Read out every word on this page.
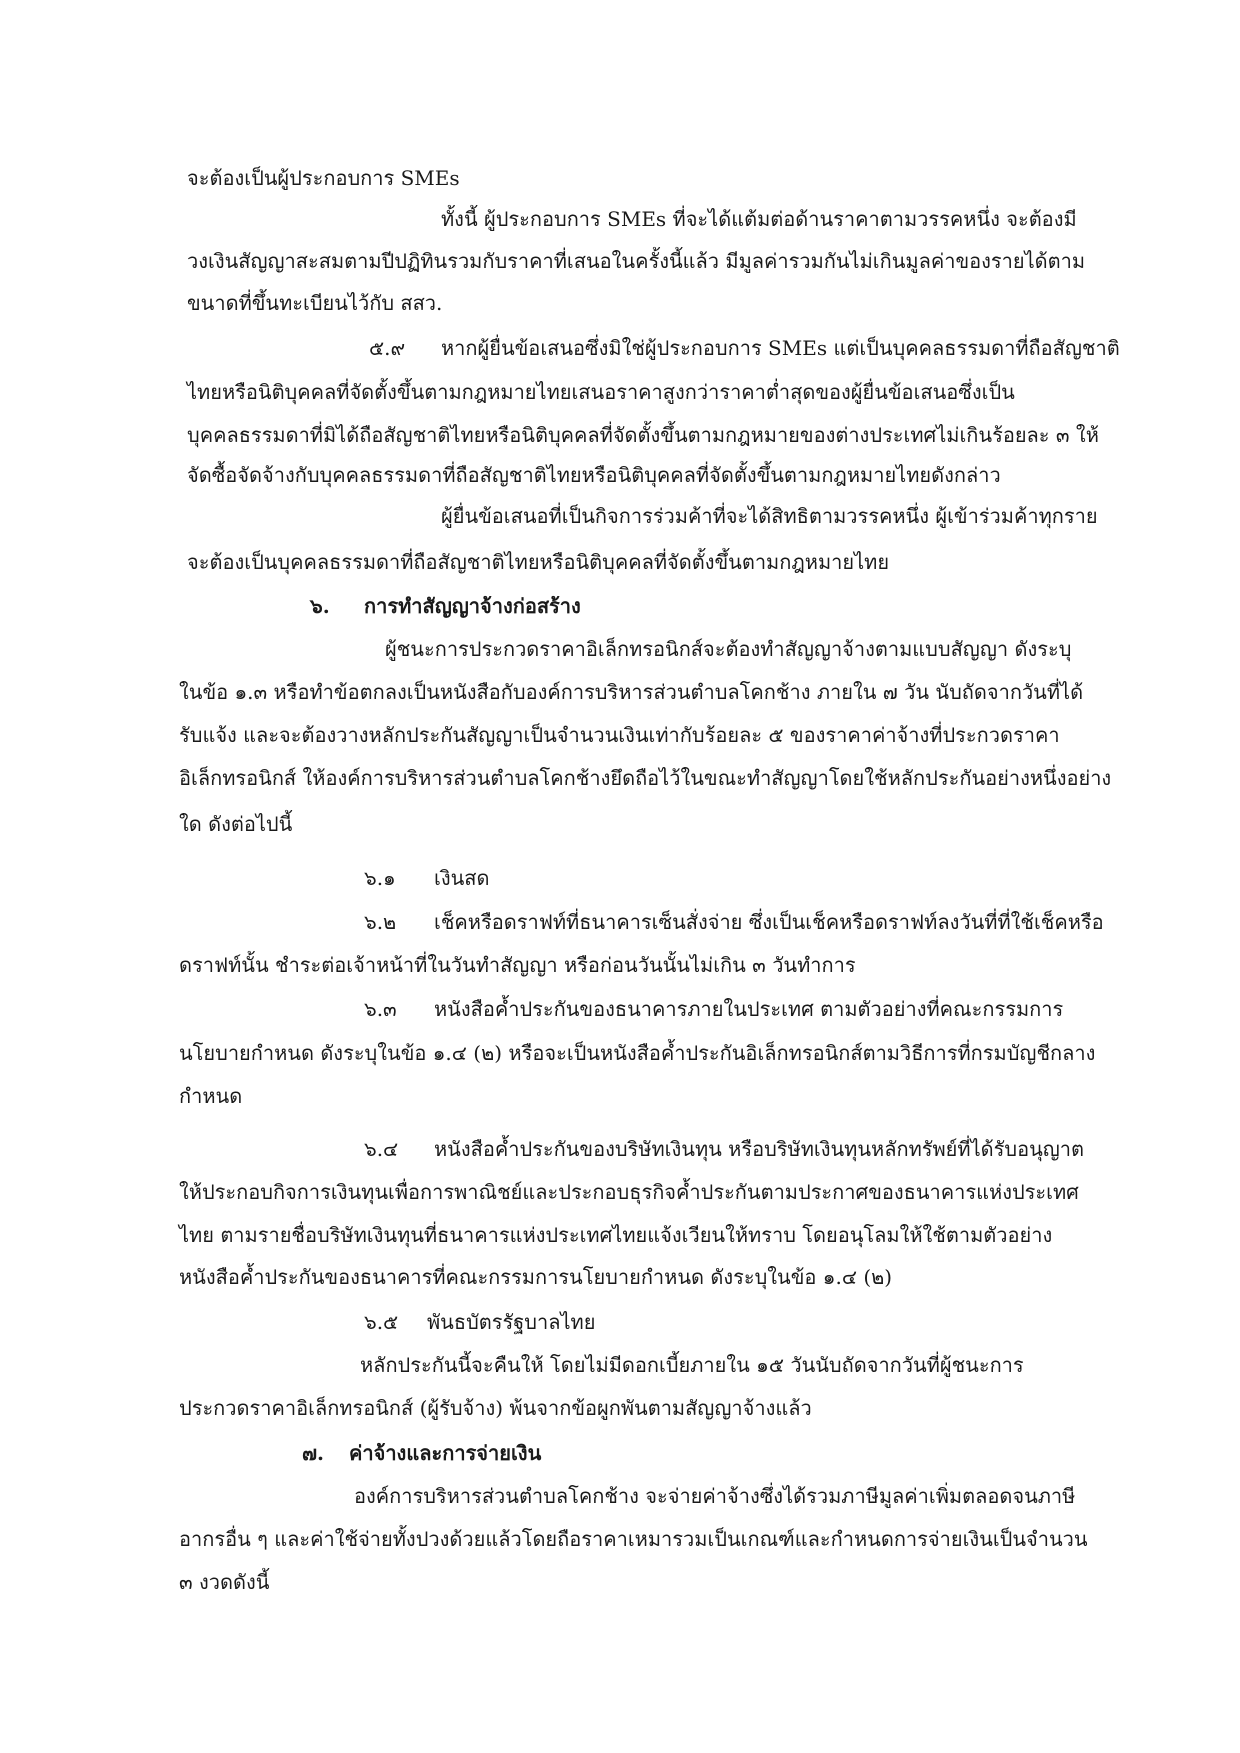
จะต้องเป็นผู้ประกอบการ SMEs
ทั้งนี้ ผู้ประกอบการ SMEs ที่จะได้แต้มต่อด้านราคาตามวรรคหนึ่ง จะต้องมี
วงเงินสัญญาสะสมตามปีปฏิทินรวมกับราคาที่เสนอในครั้งนี้แล้ว มีมูลค่ารวมกันไม่เกินมูลค่าของรายได้ตาม
ขนาดที่ขึ้นทะเบียนไว้กับ สสว.
๕.๙ หากผู้ยื่นข้อเสนอซึ่งมิใช่ผู้ประกอบการ SMEs แต่เป็นบุคคลธรรมดาที่ถือสัญชาติ
ไทยหรือนิติบุคคลที่จัดตั้งขึ้นตามกฎหมายไทยเสนอราคาสูงกว่าราคาต่ำสุดของผู้ยื่นข้อเสนอซึ่งเป็น
บุคคลธรรมดาที่มิได้ถือสัญชาติไทยหรือนิติบุคคลที่จัดตั้งขึ้นตามกฎหมายของต่างประเทศไม่เกินร้อยละ ๓ ให้
จัดซื้อจัดจ้างกับบุคคลธรรมดาที่ถือสัญชาติไทยหรือนิติบุคคลที่จัดตั้งขึ้นตามกฎหมายไทยดังกล่าว
ผู้ยื่นข้อเสนอที่เป็นกิจการร่วมค้าที่จะได้สิทธิตามวรรคหนึ่ง ผู้เข้าร่วมค้าทุกราย
จะต้องเป็นบุคคลธรรมดาที่ถือสัญชาติไทยหรือนิติบุคคลที่จัดตั้งขึ้นตามกฎหมายไทย
๖. การทำสัญญาจ้างก่อสร้าง
ผู้ชนะการประกวดราคาอิเล็กทรอนิกส์จะต้องทำสัญญาจ้างตามแบบสัญญา ดังระบุ
ในข้อ ๑.๓ หรือทำข้อตกลงเป็นหนังสือกับองค์การบริหารส่วนตำบลโคกช้าง ภายใน ๗ วัน นับถัดจากวันที่ได้
รับแจ้ง และจะต้องวางหลักประกันสัญญาเป็นจำนวนเงินเท่ากับร้อยละ ๕ ของราคาค่าจ้างที่ประกวดราคา
อิเล็กทรอนิกส์ ให้องค์การบริหารส่วนตำบลโคกช้างยึดถือไว้ในขณะทำสัญญาโดยใช้หลักประกันอย่างหนึ่งอย่าง
ใด ดังต่อไปนี้
๖.๑ เงินสด
๖.๒ เช็คหรือดราฟท์ที่ธนาคารเซ็นสั่งจ่าย ซึ่งเป็นเช็คหรือดราฟท์ลงวันที่ที่ใช้เช็คหรือ
ดราฟท์นั้น ชำระต่อเจ้าหน้าที่ในวันทำสัญญา หรือก่อนวันนั้นไม่เกิน ๓ วันทำการ
๖.๓ หนังสือค้ำประกันของธนาคารภายในประเทศ ตามตัวอย่างที่คณะกรรมการ
นโยบายกำหนด ดังระบุในข้อ ๑.๔ (๒) หรือจะเป็นหนังสือค้ำประกันอิเล็กทรอนิกส์ตามวิธีการที่กรมบัญชีกลาง
กำหนด
๖.๔ หนังสือค้ำประกันของบริษัทเงินทุน หรือบริษัทเงินทุนหลักทรัพย์ที่ได้รับอนุญาต
ให้ประกอบกิจการเงินทุนเพื่อการพาณิชย์และประกอบธุรกิจค้ำประกันตามประกาศของธนาคารแห่งประเทศ
ไทย ตามรายชื่อบริษัทเงินทุนที่ธนาคารแห่งประเทศไทยแจ้งเวียนให้ทราบ โดยอนุโลมให้ใช้ตามตัวอย่าง
หนังสือค้ำประกันของธนาคารที่คณะกรรมการนโยบายกำหนด ดังระบุในข้อ ๑.๔ (๒)
๖.๕ พันธบัตรรัฐบาลไทย
หลักประกันนี้จะคืนให้ โดยไม่มีดอกเบี้ยภายใน ๑๕ วันนับถัดจากวันที่ผู้ชนะการ
ประกวดราคาอิเล็กทรอนิกส์ (ผู้รับจ้าง) พ้นจากข้อผูกพันตามสัญญาจ้างแล้ว
๗. ค่าจ้างและการจ่ายเงิน
องค์การบริหารส่วนตำบลโคกช้าง จะจ่ายค่าจ้างซึ่งได้รวมภาษีมูลค่าเพิ่มตลอดจนภาษี
อากรอื่น ๆ และค่าใช้จ่ายทั้งปวงด้วยแล้วโดยถือราคาเหมารวมเป็นเกณฑ์และกำหนดการจ่ายเงินเป็นจำนวน
๓ งวดดังนี้
